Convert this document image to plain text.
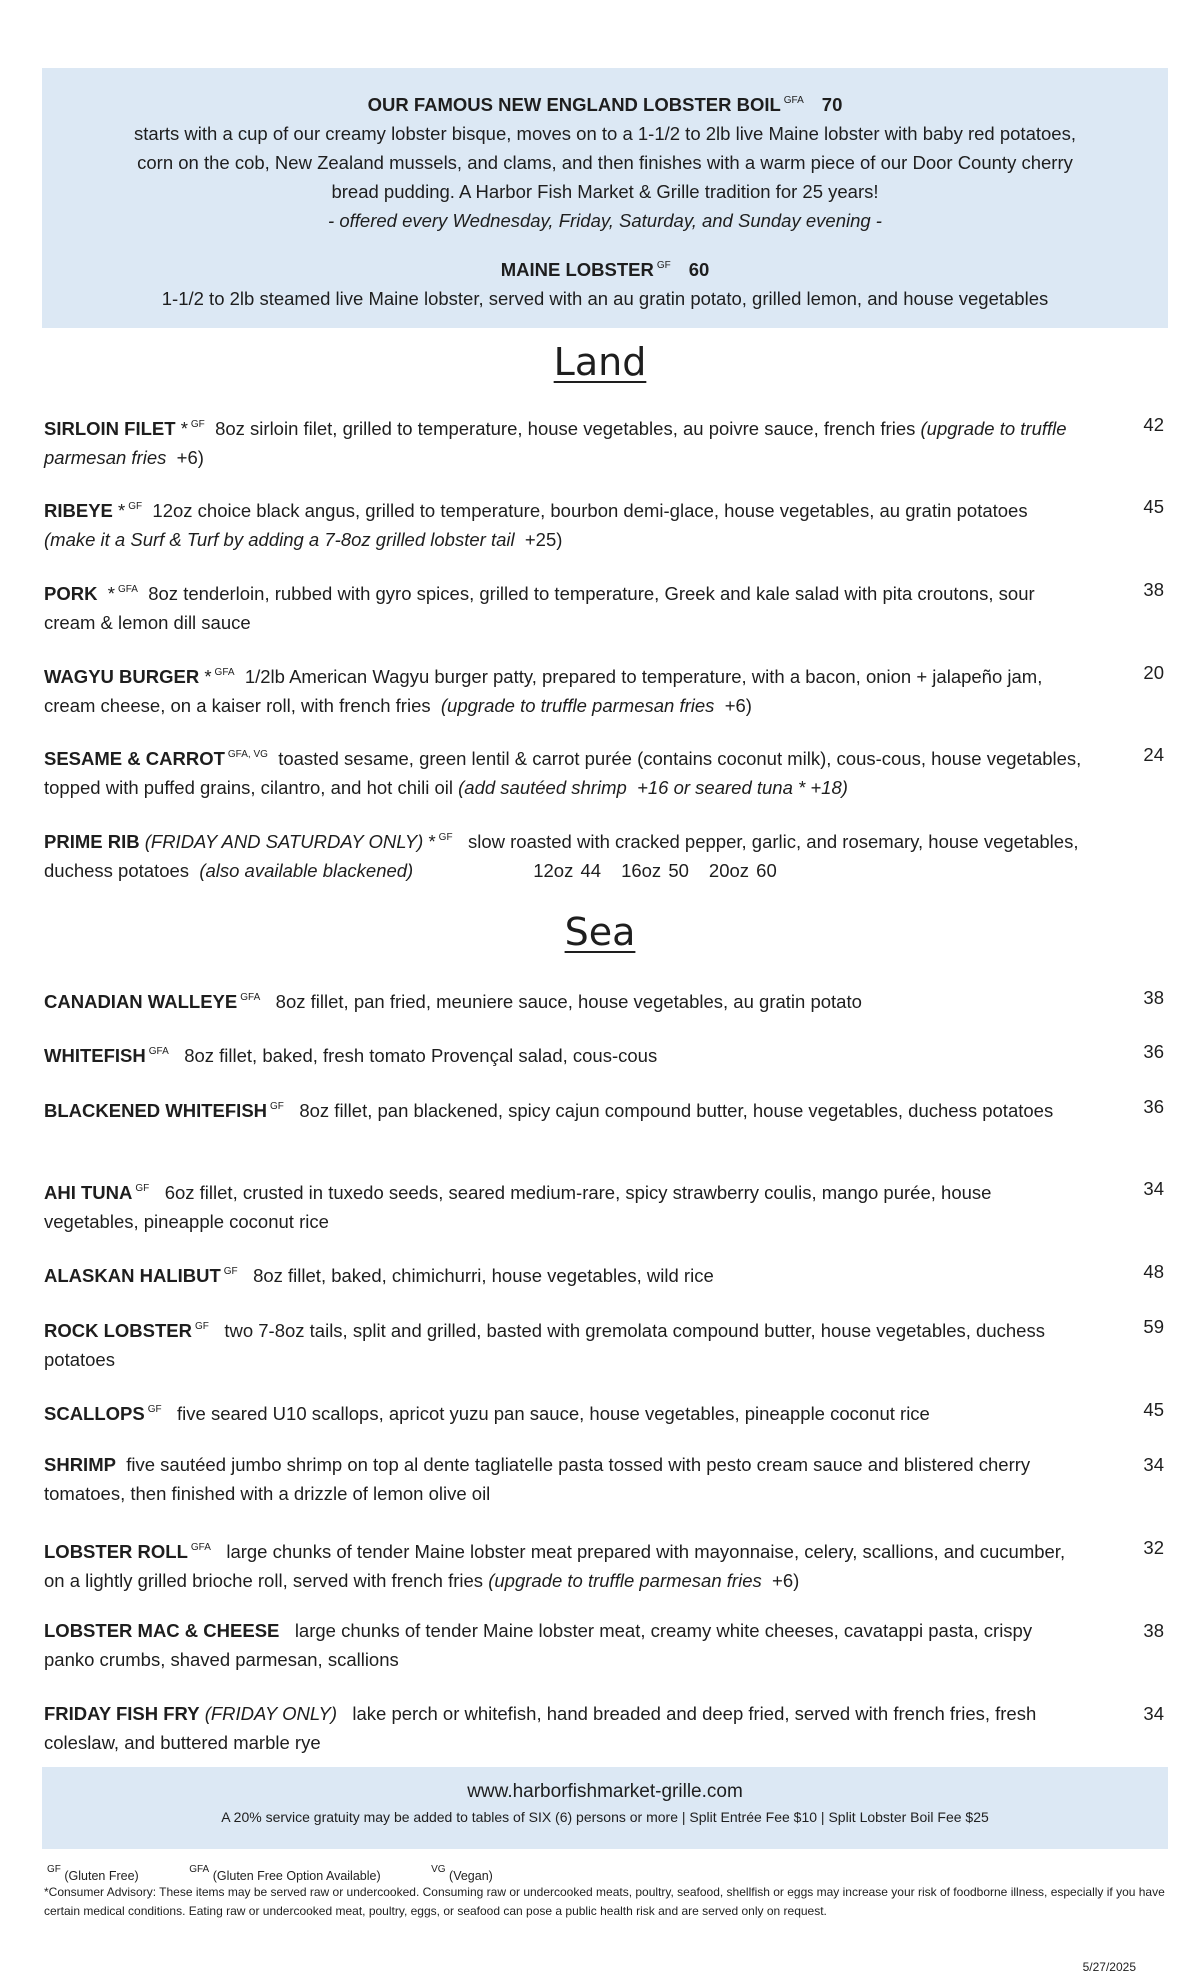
OUR FAMOUS NEW ENGLAND LOBSTER BOIL $^{GFA}$ 70
starts with a cup of our creamy lobster bisque, moves on to a 1-1/2 to 2lb live Maine lobster with baby red potatoes,
corn on the cob, New Zealand mussels, and clams, and then finishes with a warm piece of our Door County cherry
bread pudding. A Harbor Fish Market & Grille tradition for 25 years!
- offered every Wednesday, Friday, Saturday, and Sunday evening -
MAINE LOBSTER $^{GF}$ 60
1-1/2 to 2lb steamed live Maine lobster, served with an au gratin potato, grilled lemon, and house vegetables
Land
SIRLOIN FILET * $^{GF}$ 8oz sirloin filet, grilled to temperature, house vegetables, au poivre sauce, french fries (upgrade to truffle parmesan fries +6)
42
RIBEYE * $^{GF}$ 12oz choice black angus, grilled to temperature, bourbon demi-glace, house vegetables, au gratin potatoes  (make it a Surf & Turf by adding a 7-8oz grilled lobster tail +25)
45
PORK * $^{GFA}$ 8oz tenderloin, rubbed with gyro spices, grilled to temperature, Greek and kale salad with pita croutons, sour cream & lemon dill sauce
38
WAGYU BURGER * $^{GFA}$ 1/2lb American Wagyu burger patty, prepared to temperature, with a bacon, onion + jalapeño jam, cream cheese, on a kaiser roll, with french fries (upgrade to truffle parmesan fries +6)
20
SESAME & CARROT $^{GFA, VG}$ toasted sesame, green lentil & carrot purée (contains coconut milk), cous-cous, house vegetables, topped with puffed grains, cilantro, and hot chili oil (add sautéed shrimp +16 or seared tuna * +18)
24
PRIME RIB (FRIDAY AND SATURDAY ONLY) * $^{GF}$ slow roasted with cracked pepper, garlic, and rosemary, house vegetables, duchess potatoes (also available blackened)	12oz 44 16oz 50 20oz 60
Sea
CANADIAN WALLEYE $^{GFA}$ 8oz fillet, pan fried, meuniere sauce, house vegetables, au gratin potato	38
WHITEFISH $^{GFA}$ 8oz fillet, baked, fresh tomato Provençal salad, cous-cous	36
BLACKENED WHITEFISH $^{GF}$ 8oz fillet, pan blackened, spicy cajun compound butter, house vegetables, duchess potatoes	36
AHI TUNA $^{GF}$ 6oz fillet, crusted in tuxedo seeds, seared medium-rare, spicy strawberry coulis, mango purée, house vegetables, pineapple coconut rice
34
ALASKAN HALIBUT $^{GF}$ 8oz fillet, baked, chimichurri, house vegetables, wild rice	48
ROCK LOBSTER $^{GF}$ two 7-8oz tails, split and grilled, basted with gremolata compound butter, house vegetables, duchess potatoes
59
SCALLOPS $^{GF}$ five seared U10 scallops, apricot yuzu pan sauce, house vegetables, pineapple coconut rice	45
SHRIMP five sautéed jumbo shrimp on top al dente tagliatelle pasta tossed with pesto cream sauce and blistered cherry tomatoes, then finished with a drizzle of lemon olive oil
34
LOBSTER ROLL $^{GFA}$ large chunks of tender Maine lobster meat prepared with mayonnaise, celery, scallions, and cucumber, on a lightly grilled brioche roll, served with french fries (upgrade to truffle parmesan fries +6)
32
LOBSTER MAC & CHEESE large chunks of tender Maine lobster meat, creamy white cheeses, cavatappi pasta, crispy panko crumbs, shaved parmesan, scallions
38
FRIDAY FISH FRY (FRIDAY ONLY) lake perch or whitefish, hand breaded and deep fried, served with french fries, fresh coleslaw, and buttered marble rye
34
www.harborfishmarket-grille.com
A 20% service gratuity may be added to tables of SIX (6) persons or more | Split Entrée Fee $10 | Split Lobster Boil Fee $25
$^{GF}$ (Gluten Free)	$^{GFA}$ (Gluten Free Option Available)	$^{VG}$ (Vegan)
*Consumer Advisory: These items may be served raw or undercooked. Consuming raw or undercooked meats, poultry, seafood, shellfish or eggs may increase your risk of foodborne illness, especially if you have certain medical conditions. Eating raw or undercooked meat, poultry, eggs, or seafood can pose a public health risk and are served only on request.
5/27/2025
